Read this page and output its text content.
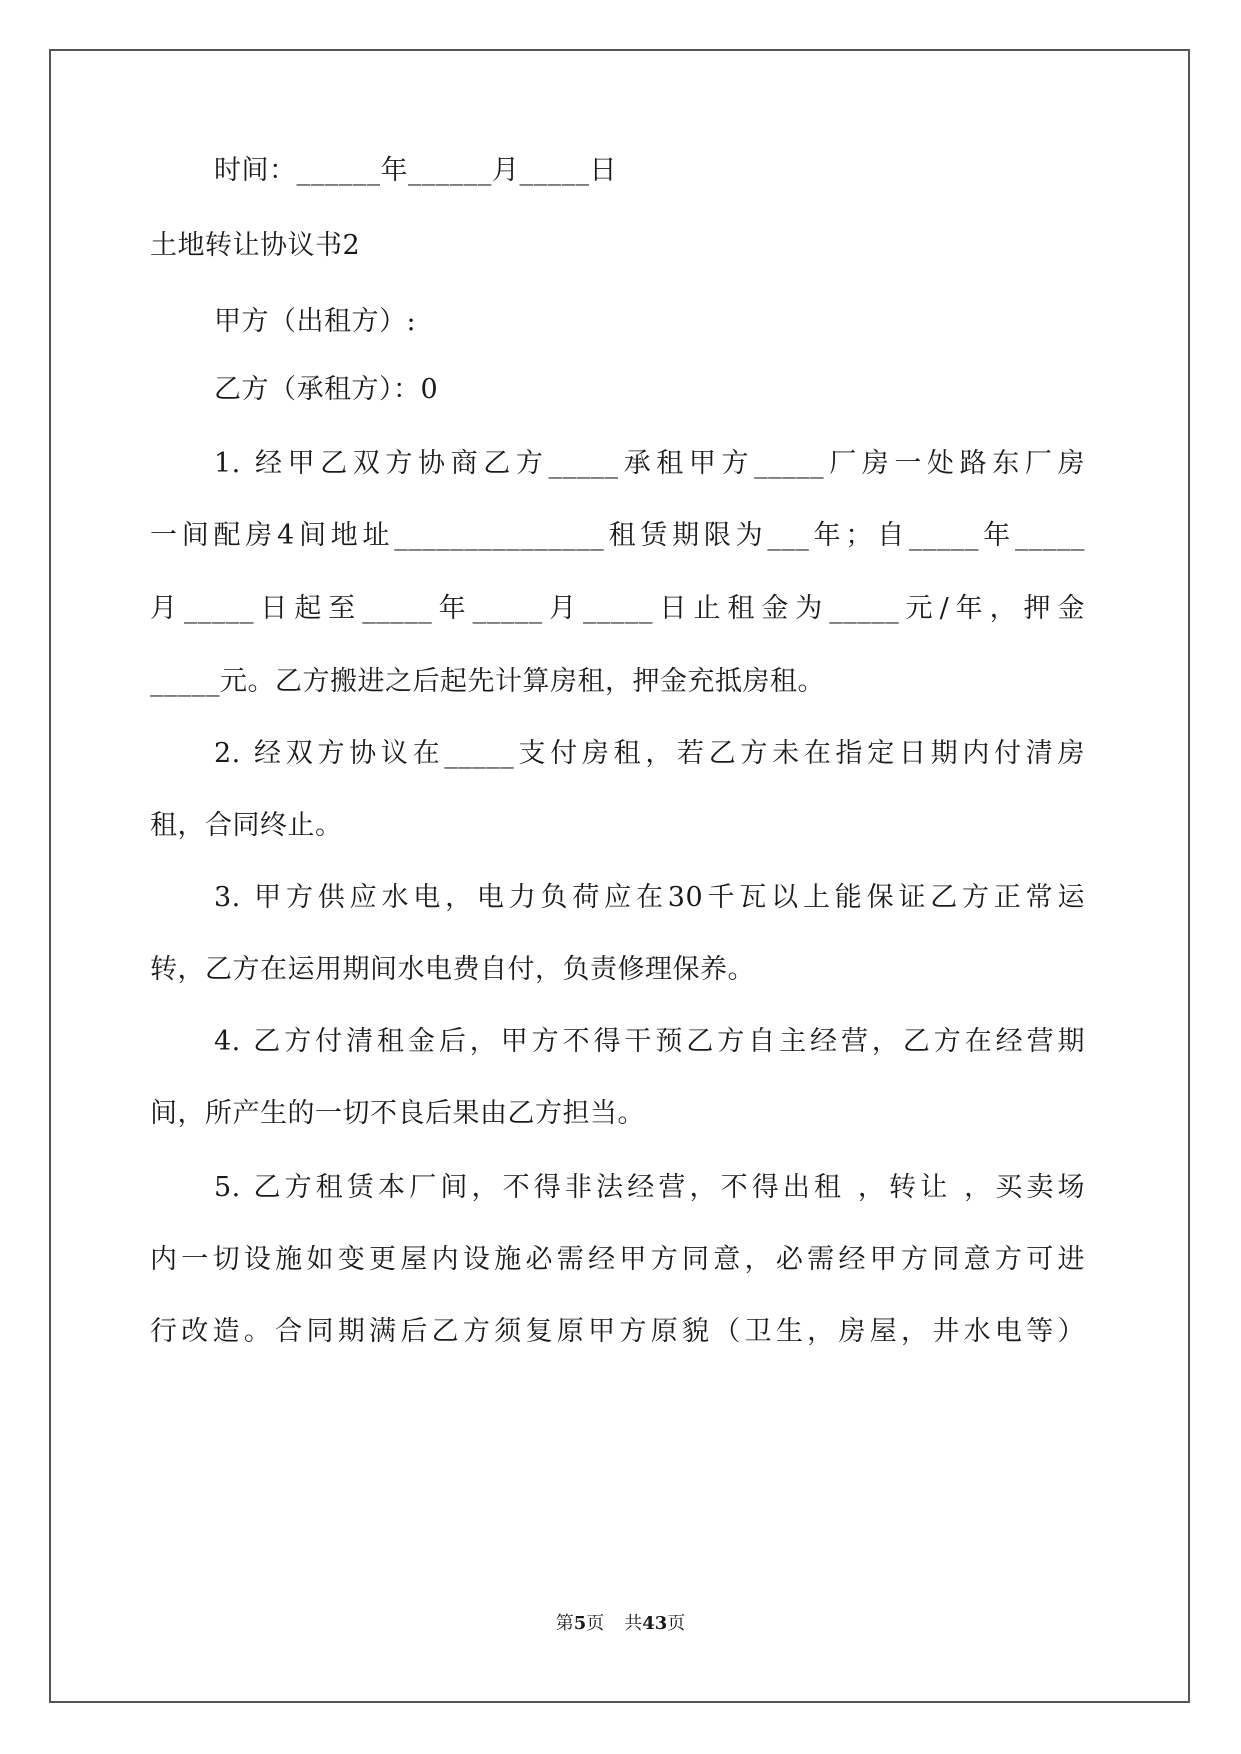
时间：______年______月_____日
土地转让协议书2
甲方（出租方）:
乙方（承租方）：0
1. 经甲乙双方协商乙方_____承租甲方_____厂房一处路东厂房
一间配房4间地址_______________租赁期限为___年；自_____年_____
月_____日起至_____年_____月_____日止租金为_____元/年，押金
_____元。乙方搬进之后起先计算房租，押金充抵房租。
2. 经双方协议在_____支付房租，若乙方未在指定日期内付清房
租，合同终止。
3. 甲方供应水电，电力负荷应在30千瓦以上能保证乙方正常运
转，乙方在运用期间水电费自付，负责修理保养。
4. 乙方付清租金后，甲方不得干预乙方自主经营，乙方在经营期
间，所产生的一切不良后果由乙方担当。
5. 乙方租赁本厂间，不得非法经营，不得出租 ，转让 ，买卖场
内一切设施如变更屋内设施必需经甲方同意，必需经甲方同意方可进
行改造。合同期满后乙方须复原甲方原貌（卫生，房屋，井水电等）
第5页 共43页
